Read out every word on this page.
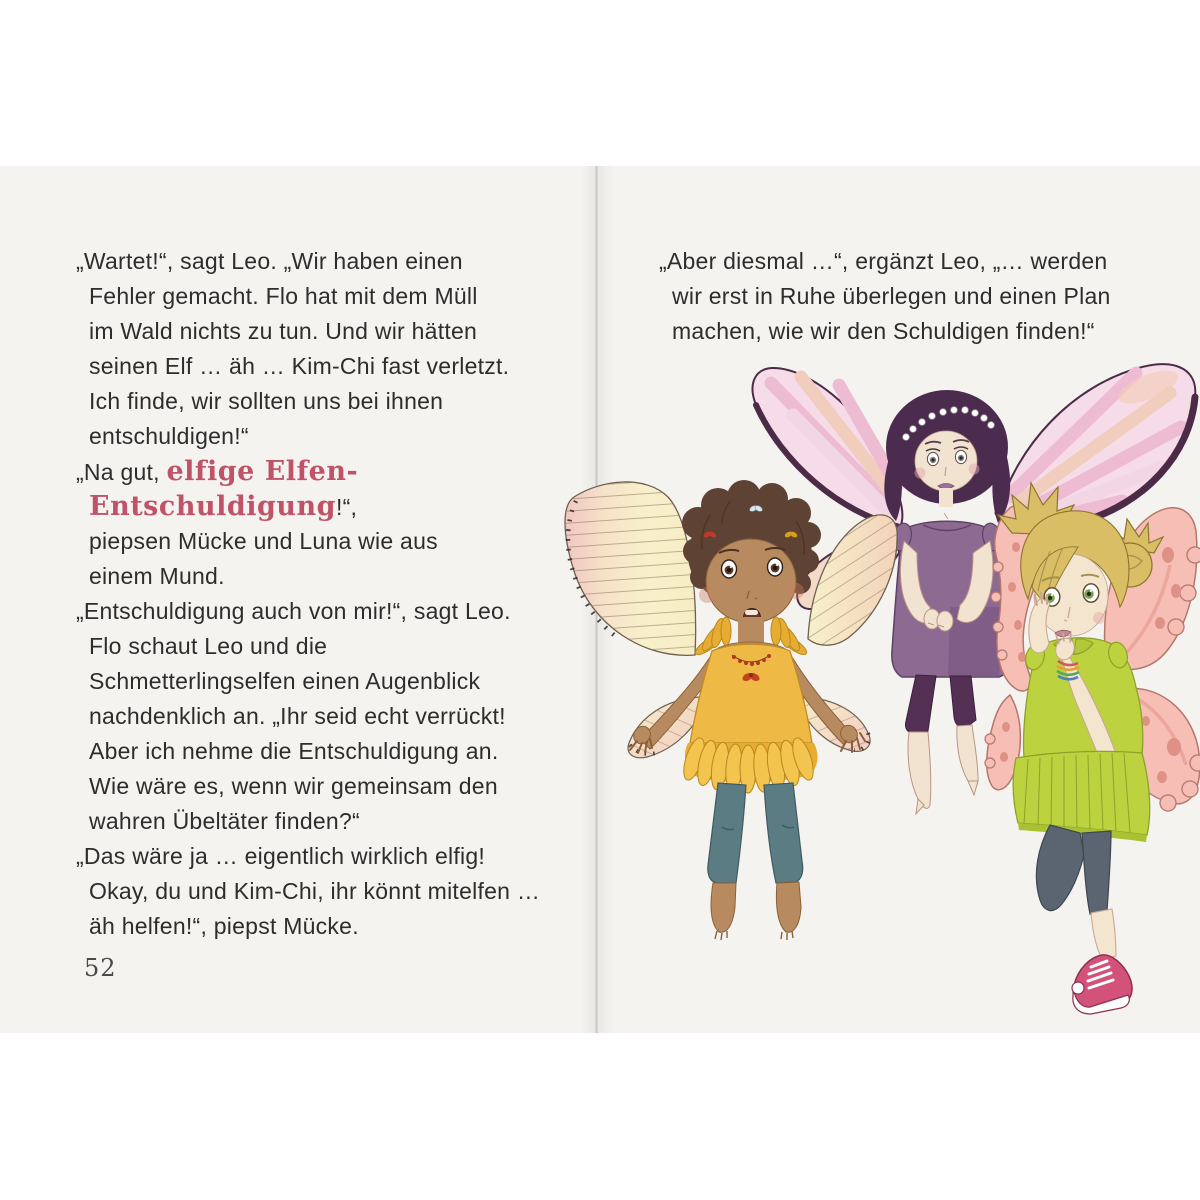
„Wartet!“, sagt Leo. „Wir haben einen
Fehler gemacht. Flo hat mit dem Müll
im Wald nichts zu tun. Und wir hätten
seinen Elf … äh … Kim-Chi fast verletzt.
Ich finde, wir sollten uns bei ihnen
entschuldigen!“
„Na gut, elfige Elfen-
Entschuldigung!“,
piepsen Mücke und Luna wie aus
einem Mund.
„Entschuldigung auch von mir!“, sagt Leo.
Flo schaut Leo und die
Schmetterlingselfen einen Augenblick
nachdenklich an. „Ihr seid echt verrückt!
Aber ich nehme die Entschuldigung an.
Wie wäre es, wenn wir gemeinsam den
wahren Übeltäter finden?“
„Das wäre ja … eigentlich wirklich elfig!
Okay, du und Kim-Chi, ihr könnt mitelfen …
äh helfen!“, piepst Mücke.
„Aber diesmal …“, ergänzt Leo, „… werden
wir erst in Ruhe überlegen und einen Plan
machen, wie wir den Schuldigen finden!“
52
